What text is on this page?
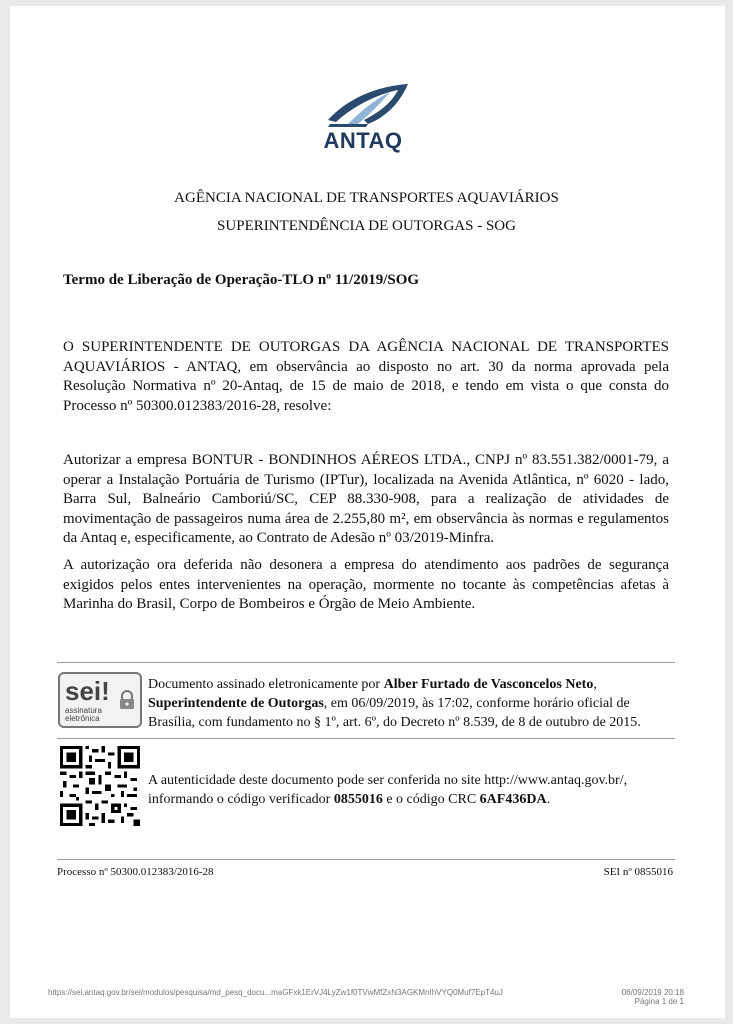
ANTAQ
AGÊNCIA NACIONAL DE TRANSPORTES AQUAVIÁRIOS
SUPERINTENDÊNCIA DE OUTORGAS - SOG
Termo de Liberação de Operação-TLO nº 11/2019/SOG
O SUPERINTENDENTE DE OUTORGAS DA AGÊNCIA NACIONAL DE TRANSPORTES AQUAVIÁRIOS - ANTAQ, em observância ao disposto no art. 30 da norma aprovada pela Resolução Normativa nº 20-Antaq, de 15 de maio de 2018, e tendo em vista o que consta do Processo nº 50300.012383/2016-28, resolve:
Autorizar a empresa BONTUR - BONDINHOS AÉREOS LTDA., CNPJ nº 83.551.382/0001-79, a operar a Instalação Portuária de Turismo (IPTur), localizada na Avenida Atlântica, nº 6020 - lado, Barra Sul, Balneário Camboriú/SC, CEP 88.330-908, para a realização de atividades de movimentação de passageiros numa área de 2.255,80 m², em observância às normas e regulamentos da Antaq e, especificamente, ao Contrato de Adesão nº 03/2019-Minfra.
A autorização ora deferida não desonera a empresa do atendimento aos padrões de segurança exigidos pelos entes intervenientes na operação, mormente no tocante às competências afetas à Marinha do Brasil, Corpo de Bombeiros e Órgão de Meio Ambiente.
sei!
assinatura eletrônica
Documento assinado eletronicamente por Alber Furtado de Vasconcelos Neto, Superintendente de Outorgas, em 06/09/2019, às 17:02, conforme horário oficial de Brasília, com fundamento no § 1º, art. 6º, do Decreto nº 8.539, de 8 de outubro de 2015.
A autenticidade deste documento pode ser conferida no site http://www.antaq.gov.br/, informando o código verificador 0855016 e o código CRC 6AF436DA.
Processo nº 50300.012383/2016-28	SEI nº 0855016
https://sei.antaq.gov.br/sei/modulos/pesquisa/md_pesq_docu...maGFxk1ErVJ4LyZw1f0TVwMfZsN3AGKMnIhVYQ0Muf7EpT4uJ	06/09/2019 20:18
Página 1 de 1
